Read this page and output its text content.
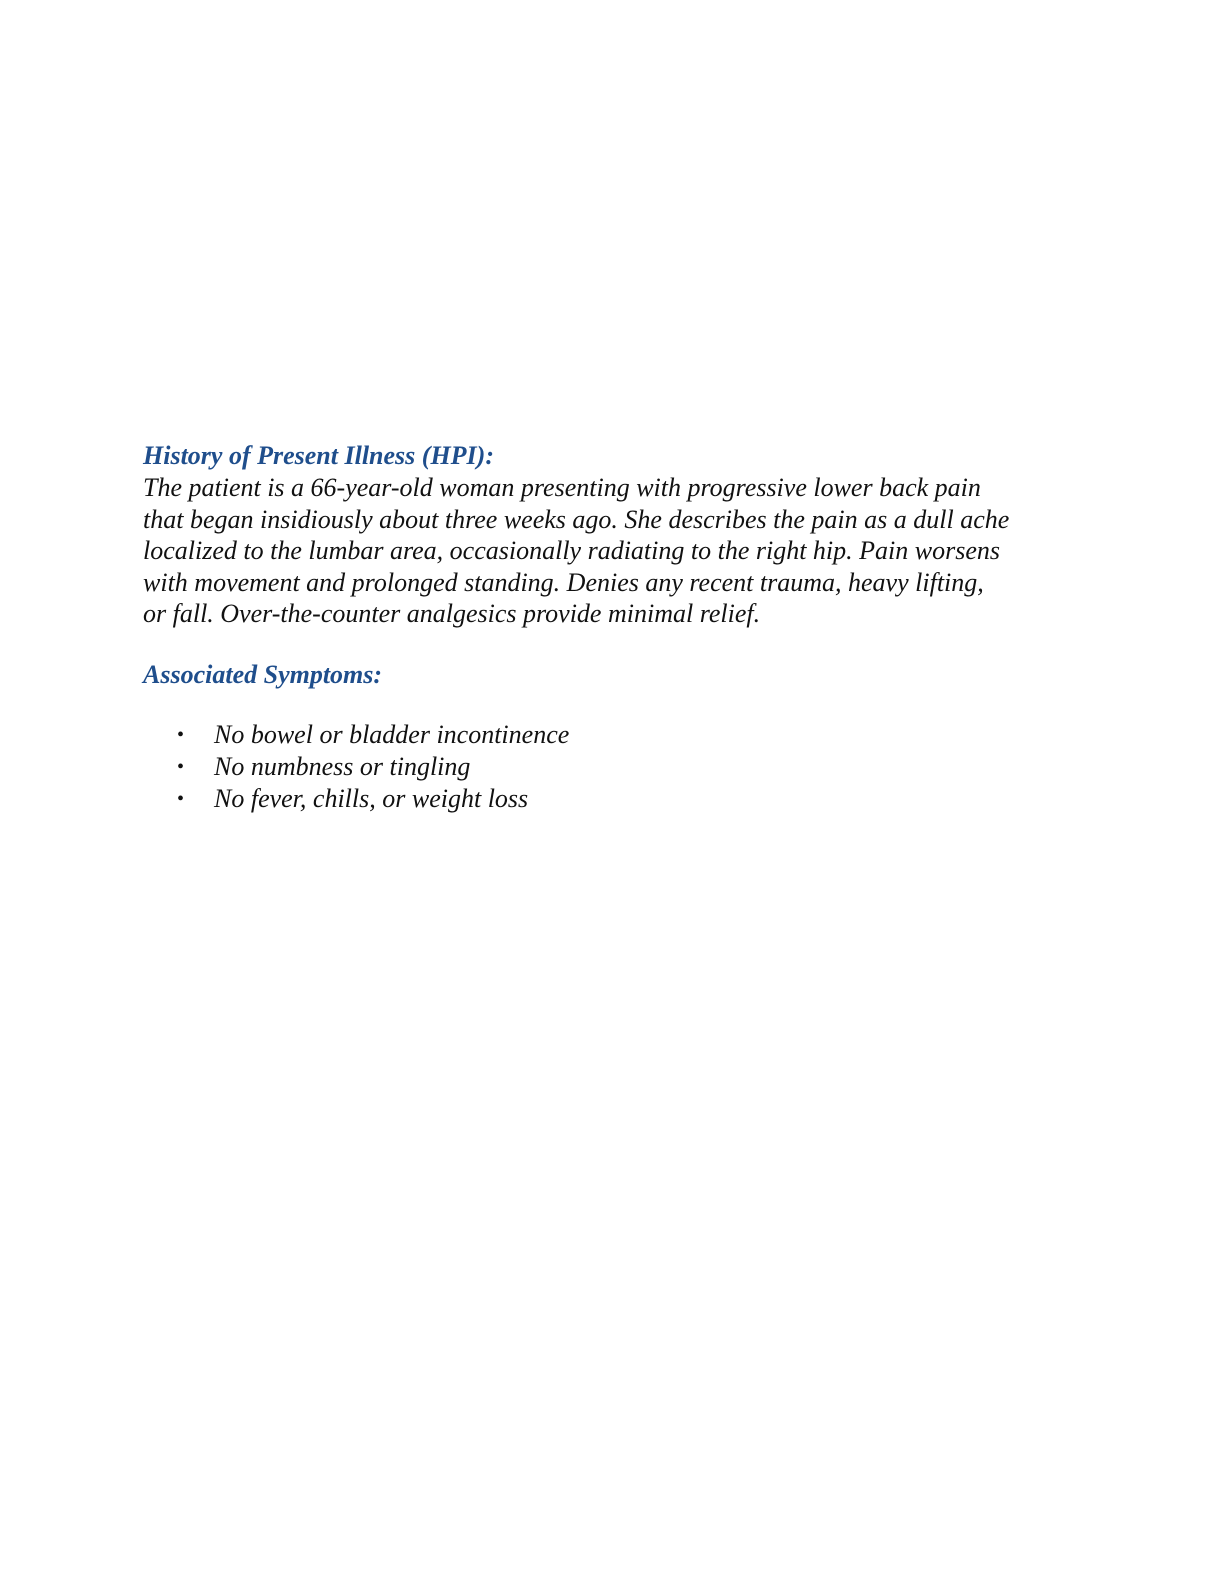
History of Present Illness (HPI):
The patient is a 66-year-old woman presenting with progressive lower back pain
that began insidiously about three weeks ago. She describes the pain as a dull ache
localized to the lumbar area, occasionally radiating to the right hip. Pain worsens
with movement and prolonged standing. Denies any recent trauma, heavy lifting,
or fall. Over-the-counter analgesics provide minimal relief.
Associated Symptoms:
• No bowel or bladder incontinence
• No numbness or tingling
• No fever, chills, or weight loss
